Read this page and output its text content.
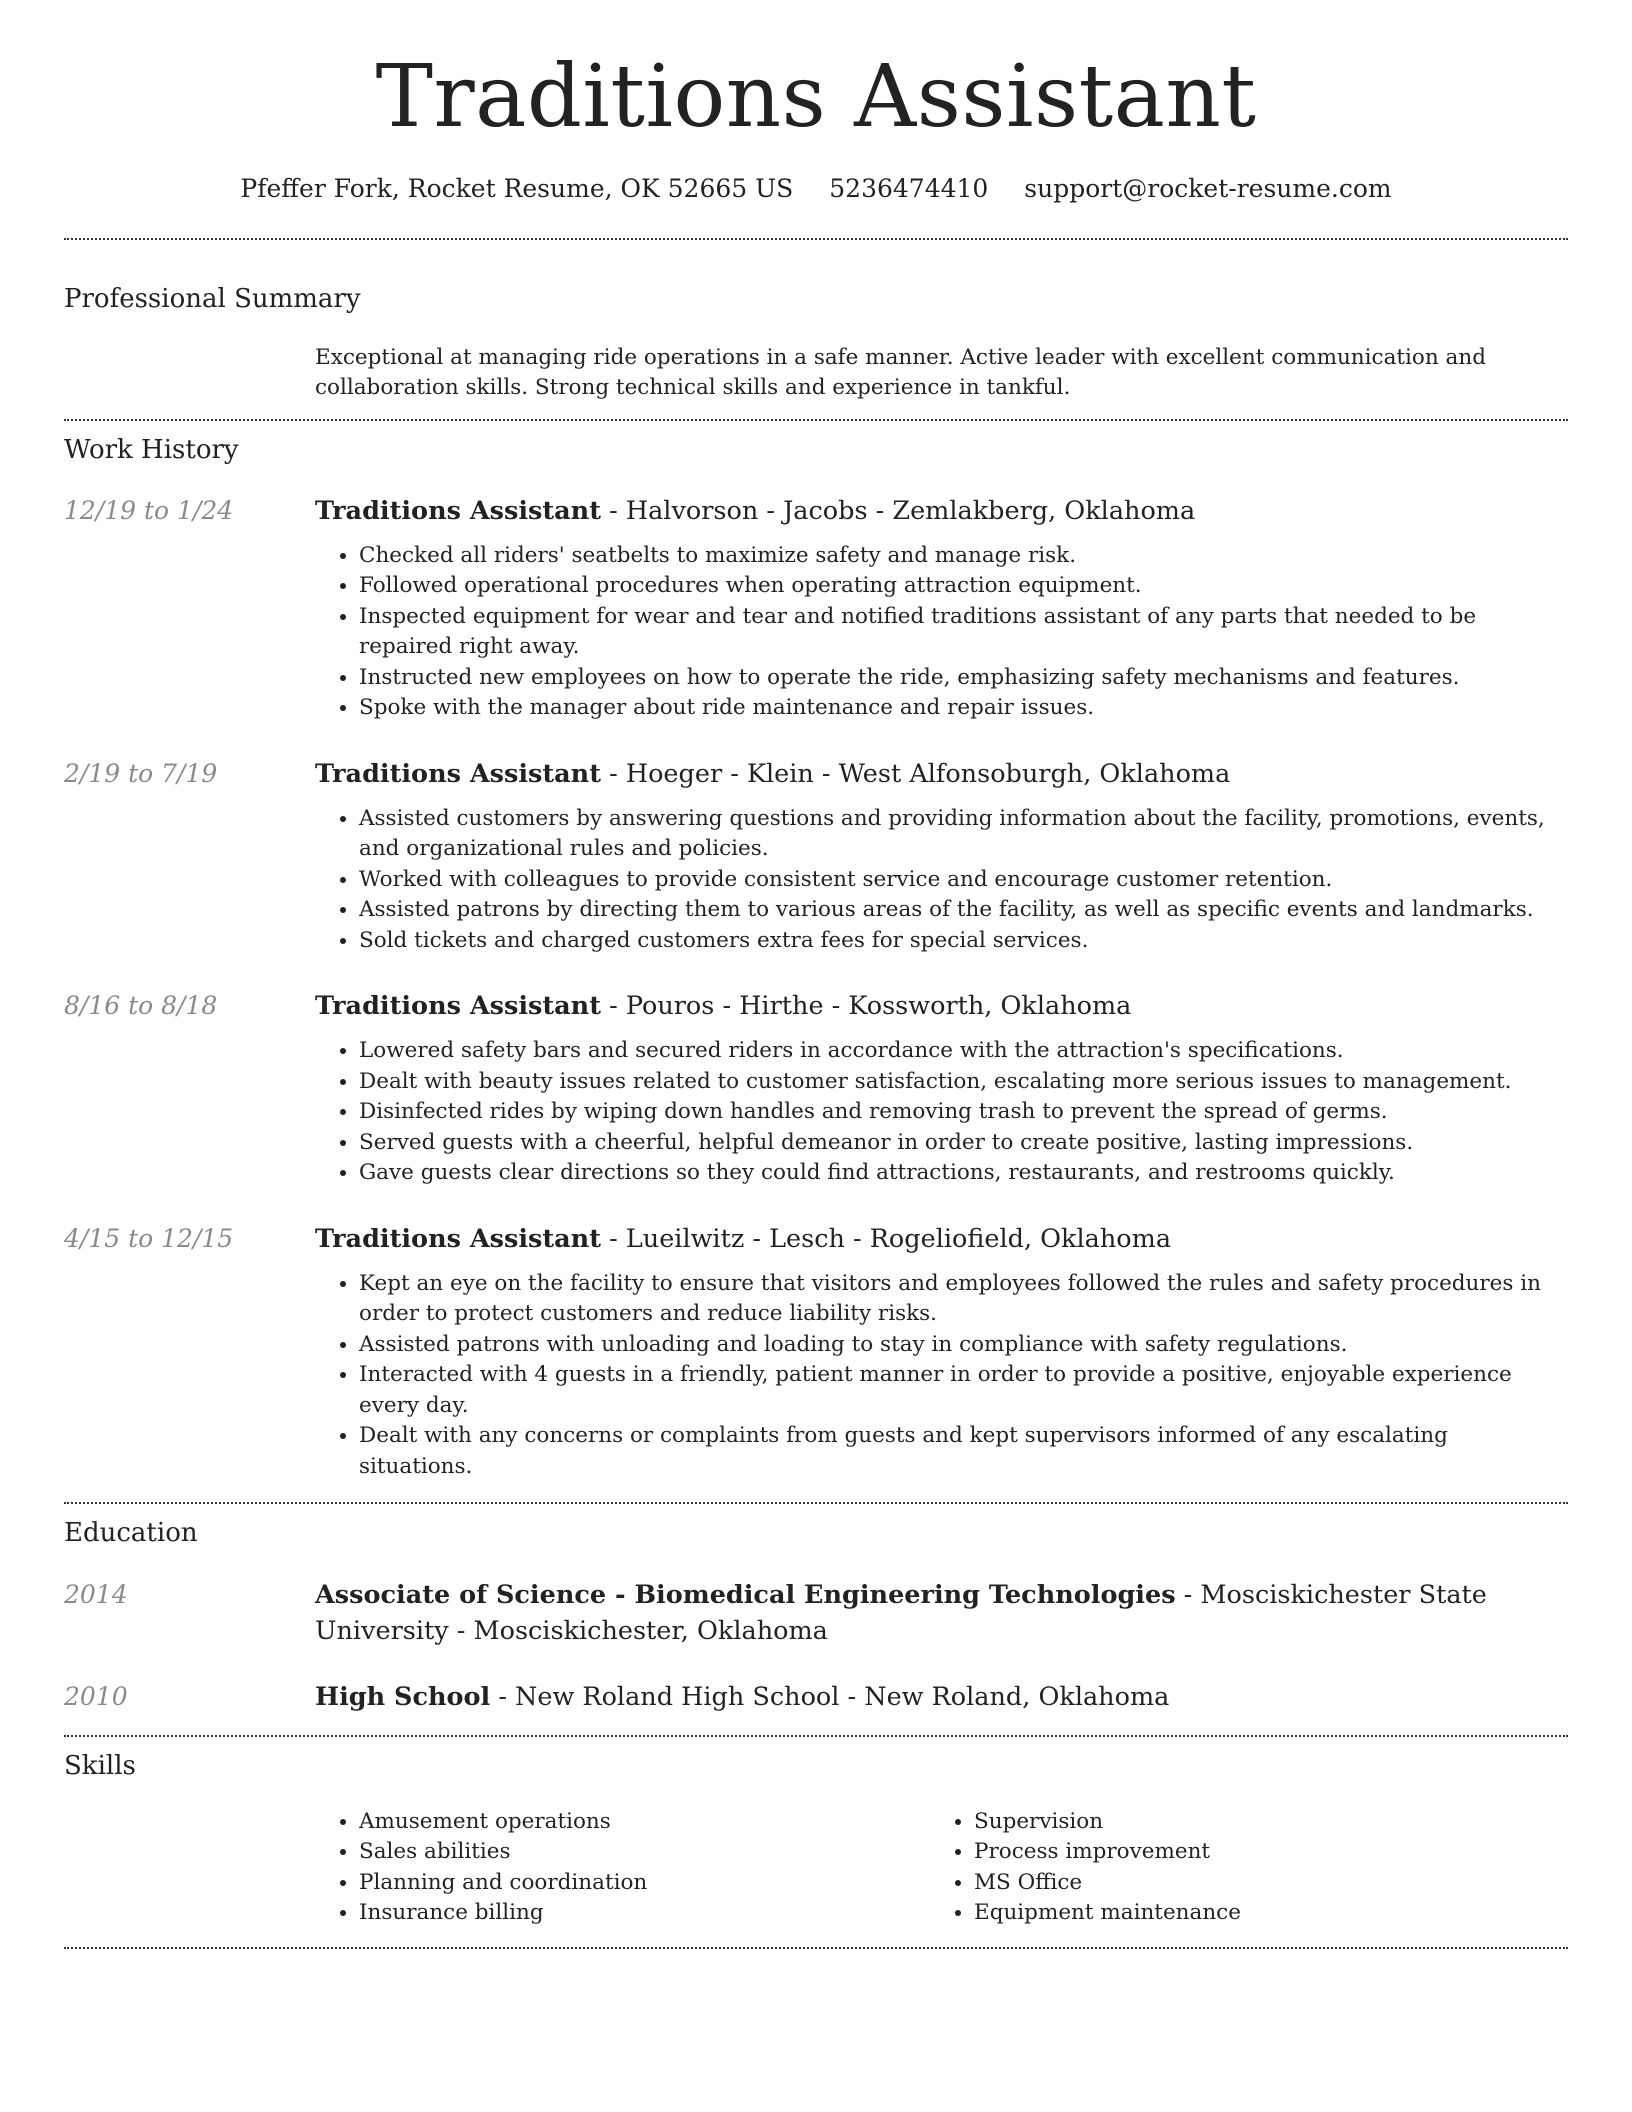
Traditions Assistant
Pfeffer Fork, Rocket Resume, OK 52665 US 5236474410 support@rocket-resume.com
Professional Summary
Exceptional at managing ride operations in a safe manner. Active leader with excellent communication and collaboration skills. Strong technical skills and experience in tankful.
Work History
12/19 to 1/24	Traditions Assistant - Halvorson - Jacobs - Zemlakberg, Oklahoma
• Checked all riders' seatbelts to maximize safety and manage risk.
• Followed operational procedures when operating attraction equipment.
• Inspected equipment for wear and tear and notified traditions assistant of any parts that needed to be repaired right away.
• Instructed new employees on how to operate the ride, emphasizing safety mechanisms and features.
• Spoke with the manager about ride maintenance and repair issues.
2/19 to 7/19	Traditions Assistant - Hoeger - Klein - West Alfonsoburgh, Oklahoma
• Assisted customers by answering questions and providing information about the facility, promotions, events, and organizational rules and policies.
• Worked with colleagues to provide consistent service and encourage customer retention.
• Assisted patrons by directing them to various areas of the facility, as well as specific events and landmarks.
• Sold tickets and charged customers extra fees for special services.
8/16 to 8/18	Traditions Assistant - Pouros - Hirthe - Kossworth, Oklahoma
• Lowered safety bars and secured riders in accordance with the attraction's specifications.
• Dealt with beauty issues related to customer satisfaction, escalating more serious issues to management.
• Disinfected rides by wiping down handles and removing trash to prevent the spread of germs.
• Served guests with a cheerful, helpful demeanor in order to create positive, lasting impressions.
• Gave guests clear directions so they could find attractions, restaurants, and restrooms quickly.
4/15 to 12/15	Traditions Assistant - Lueilwitz - Lesch - Rogeliofield, Oklahoma
• Kept an eye on the facility to ensure that visitors and employees followed the rules and safety procedures in order to protect customers and reduce liability risks.
• Assisted patrons with unloading and loading to stay in compliance with safety regulations.
• Interacted with 4 guests in a friendly, patient manner in order to provide a positive, enjoyable experience every day.
• Dealt with any concerns or complaints from guests and kept supervisors informed of any escalating situations.
Education
2014	Associate of Science - Biomedical Engineering Technologies - Mosciskichester State University - Mosciskichester, Oklahoma
2010	High School - New Roland High School - New Roland, Oklahoma
Skills
• Amusement operations
• Sales abilities
• Planning and coordination
• Insurance billing
• Supervision
• Process improvement
• MS Office
• Equipment maintenance
